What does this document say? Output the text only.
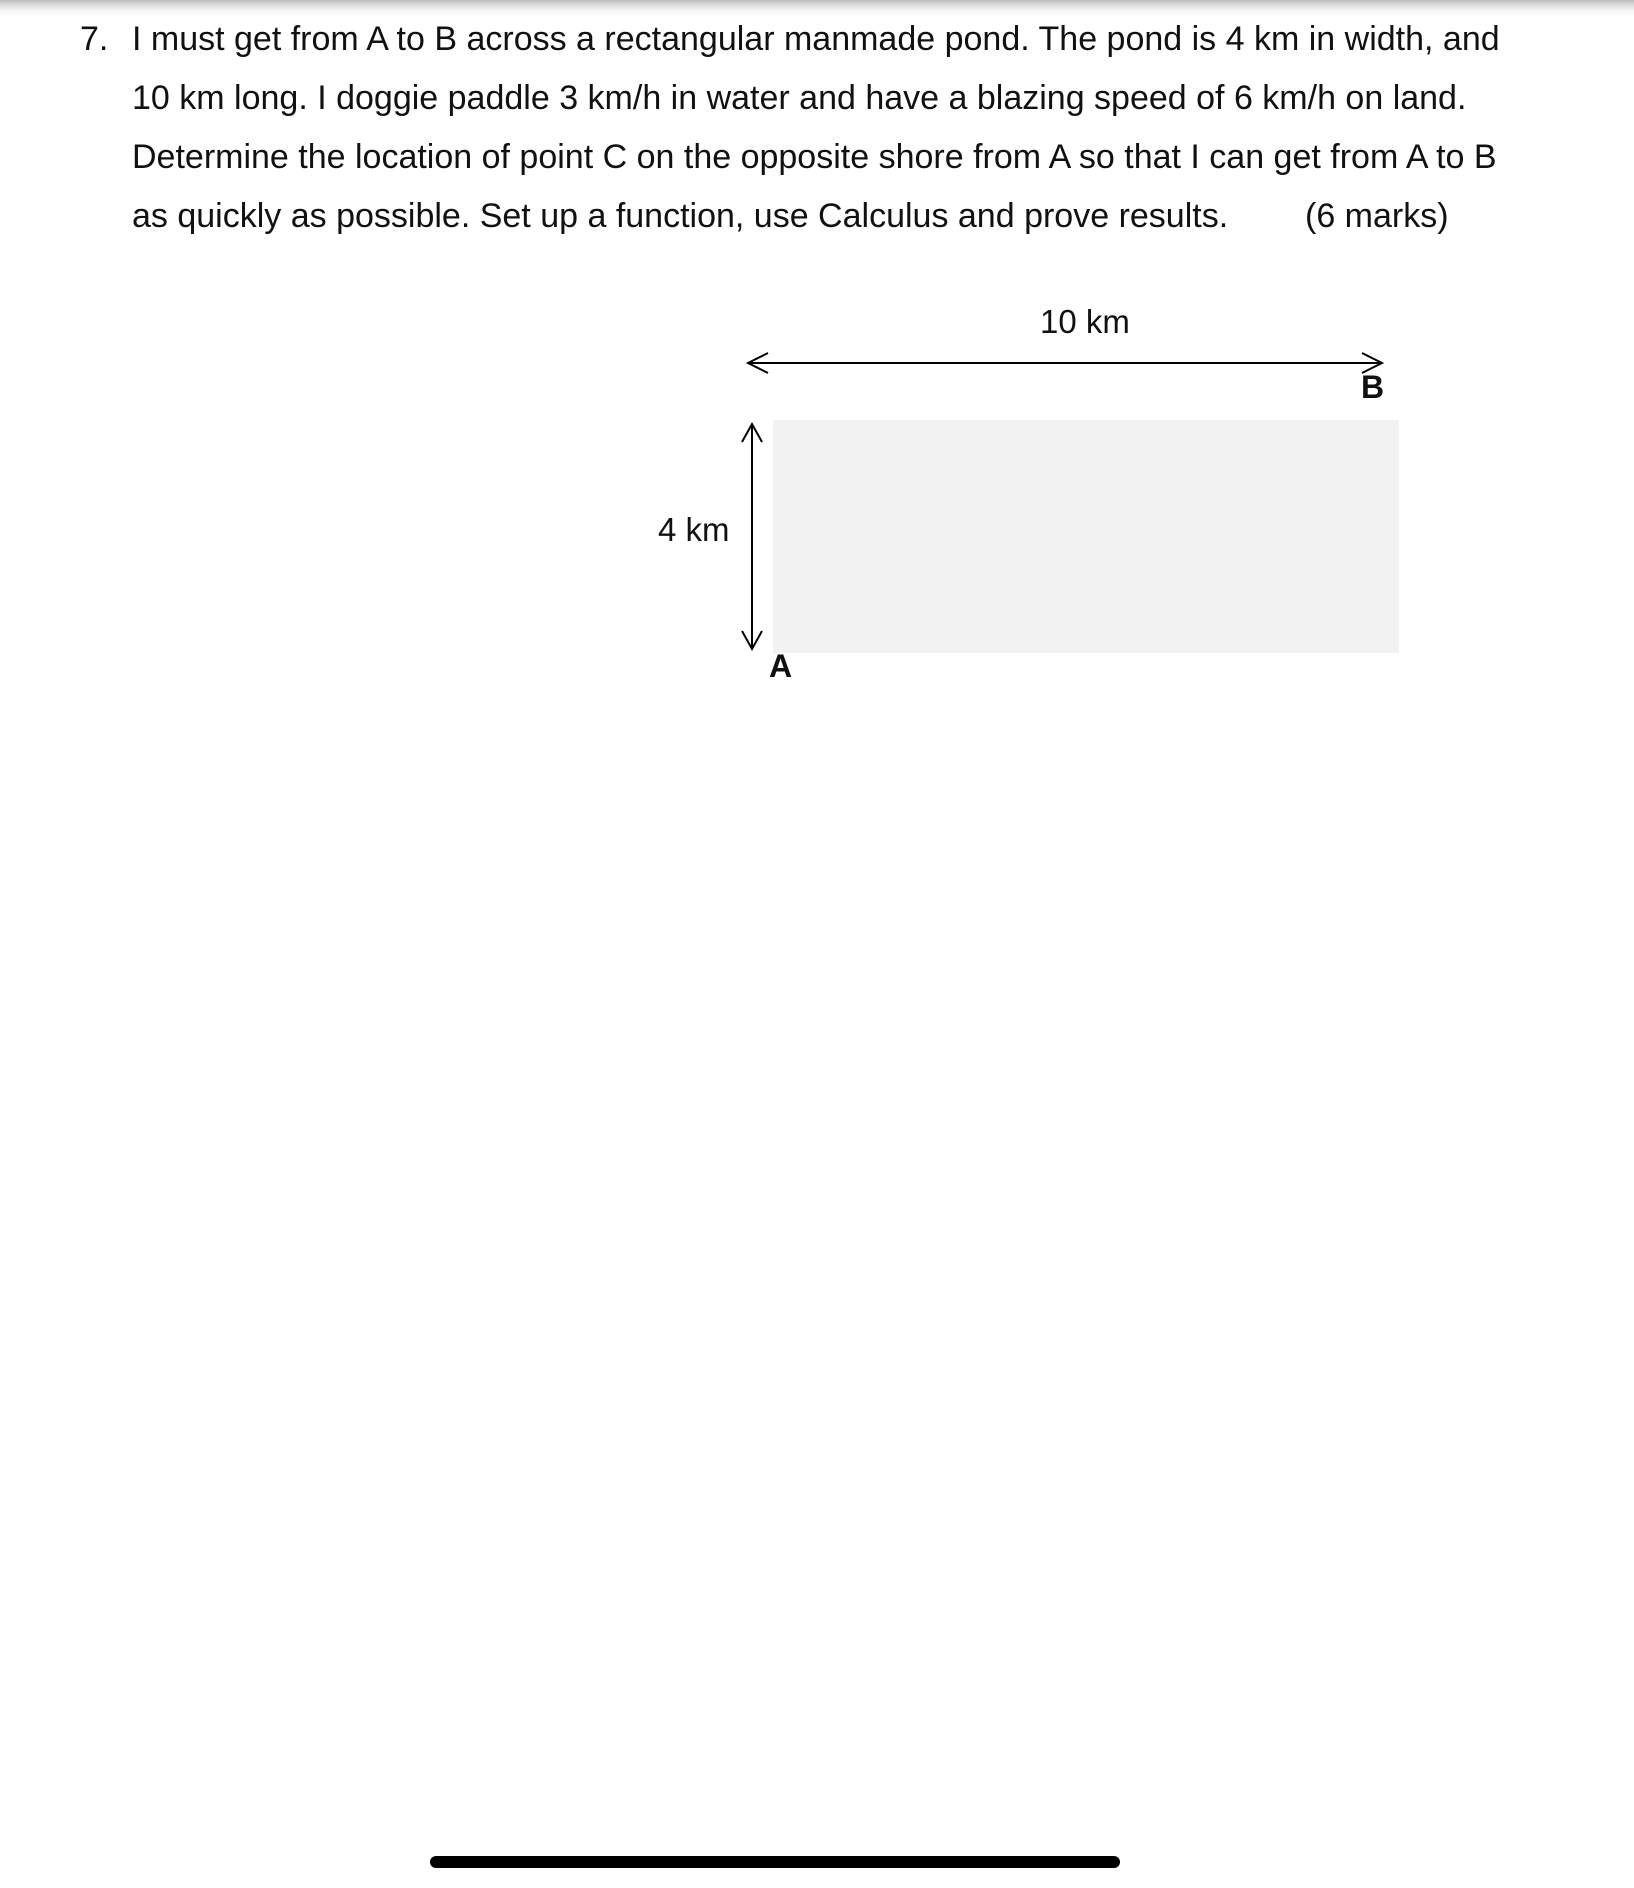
7. I must get from A to B across a rectangular manmade pond. The pond is 4 km in width, and
10 km long. I doggie paddle 3 km/h in water and have a blazing speed of 6 km/h on land.
Determine the location of point C on the opposite shore from A so that I can get from A to B
as quickly as possible. Set up a function, use Calculus and prove results. (6 marks)
10 km
4 km
B
A
